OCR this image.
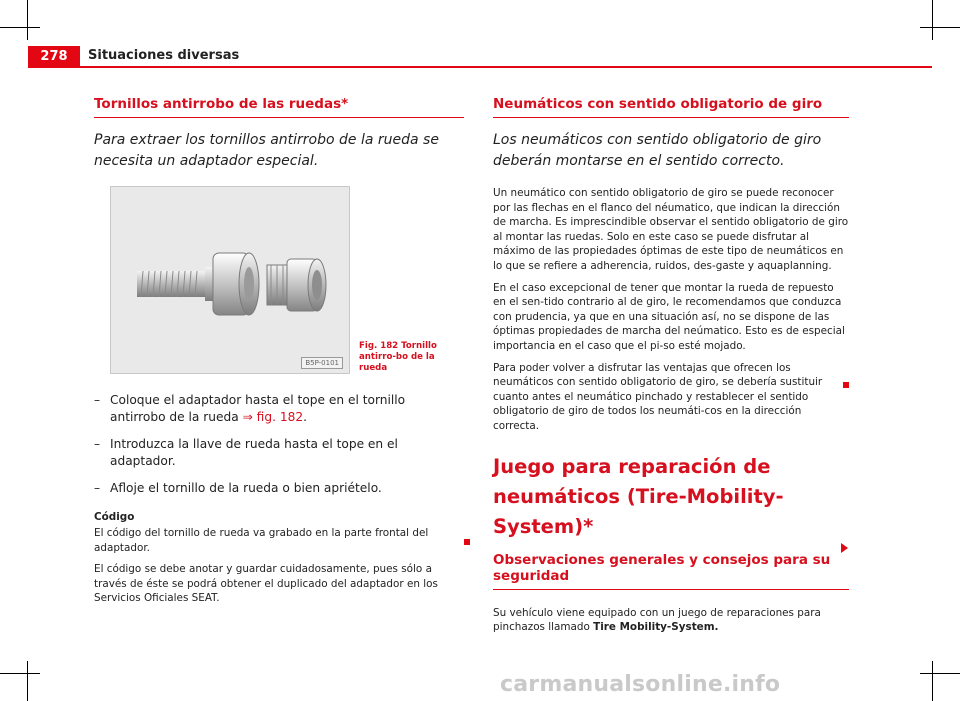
278	Situaciones diversas
Tornillos antirrobo de las ruedas*
Para extraer los tornillos antirrobo de la rueda se necesita un adaptador especial.
B5P-0101
Fig. 182 Tornillo antirro-bo de la rueda
– Coloque el adaptador hasta el tope en el tornillo antirrobo de la rueda ⇒ fig. 182.
– Introduzca la llave de rueda hasta el tope en el adaptador.
– Afloje el tornillo de la rueda o bien apriételo.
Código

El código del tornillo de rueda va grabado en la parte frontal del adaptador.

El código se debe anotar y guardar cuidadosamente, pues sólo a través de éste se podrá obtener el duplicado del adaptador en los Servicios Oficiales SEAT.

Neumáticos con sentido obligatorio de giro
Los neumáticos con sentido obligatorio de giro deberán montarse en el sentido correcto.

Un neumático con sentido obligatorio de giro se puede reconocer por las flechas en el flanco del néumatico, que indican la dirección de marcha. Es imprescindible observar el sentido obligatorio de giro al montar las ruedas. Solo en este caso se puede disfrutar al máximo de las propiedades óptimas de este tipo de neumáticos en lo que se refiere a adherencia, ruidos, des-gaste y aquaplanning.

En el caso excepcional de tener que montar la rueda de repuesto en el sen-tido contrario al de giro, le recomendamos que conduzca con prudencia, ya que en una situación así, no se dispone de las óptimas propiedades de marcha del neúmatico. Esto es de especial importancia en el caso que el pi-so esté mojado.

Para poder volver a disfrutar las ventajas que ofrecen los neumáticos con sentido obligatorio de giro, se debería sustituir cuanto antes el neumático pinchado y restablecer el sentido obligatorio de giro de todos los neumáti-cos en la dirección correcta.

Juego para reparación de neumáticos (Tire-Mobility-System)*
Observaciones generales y consejos para su seguridad

Su vehículo viene equipado con un juego de reparaciones para pinchazos llamado Tire Mobility-System.

carmanualsonline.info
